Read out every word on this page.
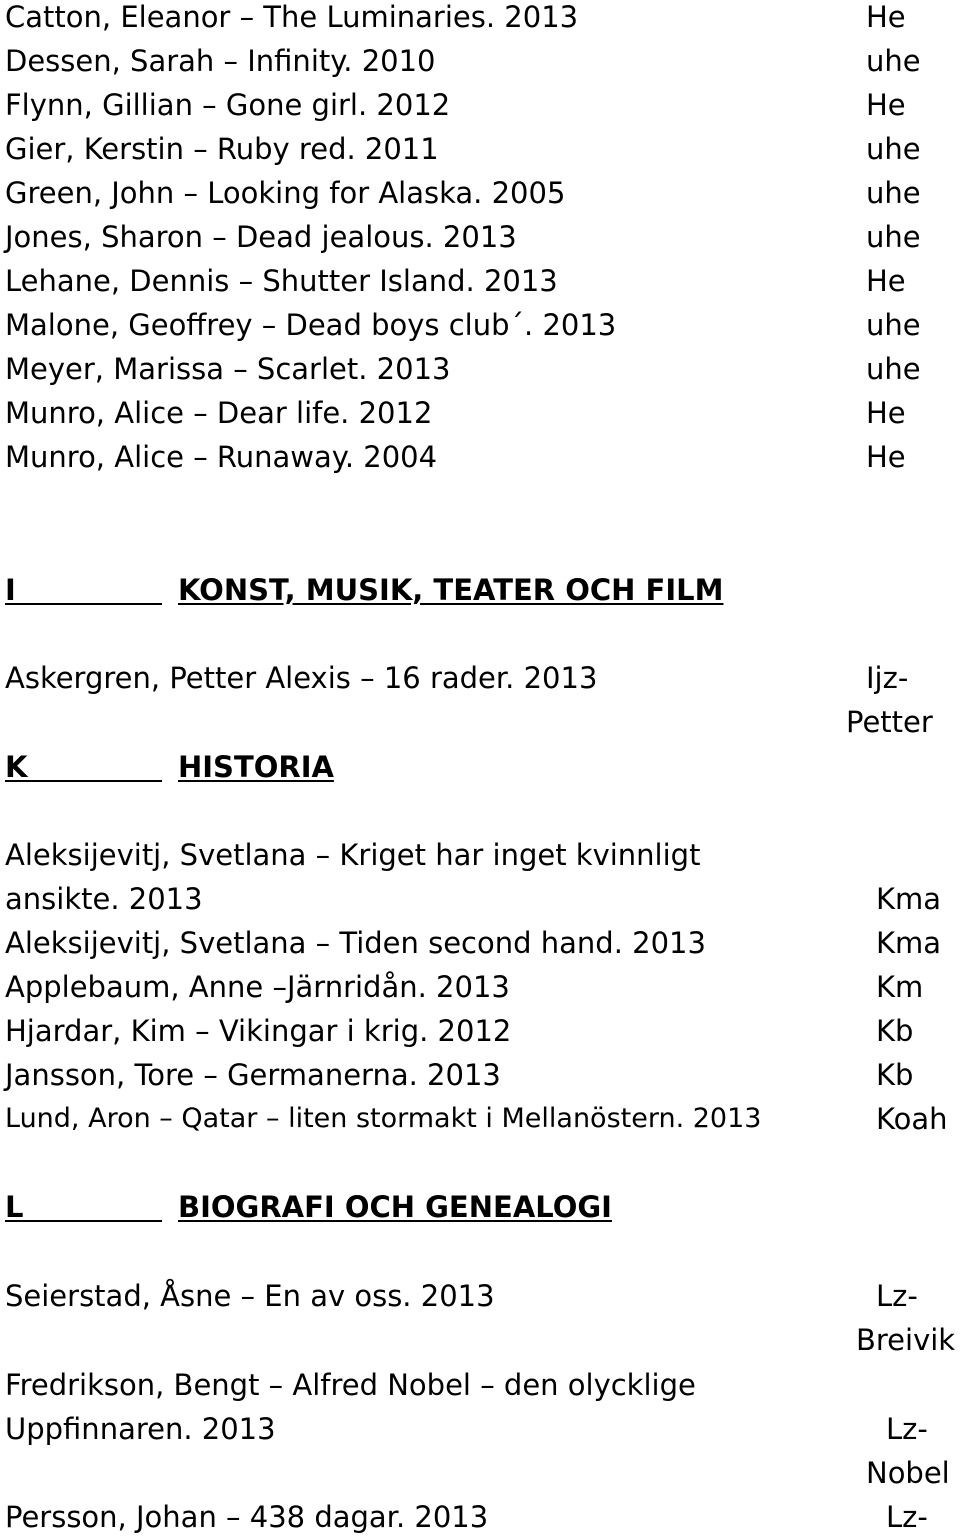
Catton, Eleanor – The Luminaries. 2013	He
Dessen, Sarah – Infinity. 2010	uhe
Flynn, Gillian – Gone girl. 2012	He
Gier, Kerstin – Ruby red. 2011	uhe
Green, John – Looking for Alaska. 2005	uhe
Jones, Sharon – Dead jealous. 2013	uhe
Lehane, Dennis – Shutter Island. 2013	He
Malone, Geoffrey – Dead boys club´. 2013	uhe
Meyer, Marissa – Scarlet. 2013	uhe
Munro, Alice – Dear life. 2012	He
Munro, Alice – Runaway. 2004	He
I	KONST, MUSIK, TEATER OCH FILM
Askergren, Petter Alexis – 16 rader. 2013	Ijz-
Petter
K	HISTORIA
Aleksijevitj, Svetlana – Kriget har inget kvinnligt
ansikte. 2013	Kma
Aleksijevitj, Svetlana – Tiden second hand. 2013	Kma
Applebaum, Anne –Järnridån. 2013	Km
Hjardar, Kim – Vikingar i krig. 2012	Kb
Jansson, Tore – Germanerna. 2013	Kb
Lund, Aron – Qatar – liten stormakt i Mellanöstern. 2013	Koah
L	BIOGRAFI OCH GENEALOGI
Seierstad, Åsne – En av oss. 2013	Lz-
Breivik
Fredrikson, Bengt – Alfred Nobel – den olycklige
Uppfinnaren. 2013	Lz-
Nobel
Persson, Johan – 438 dagar. 2013	Lz-
